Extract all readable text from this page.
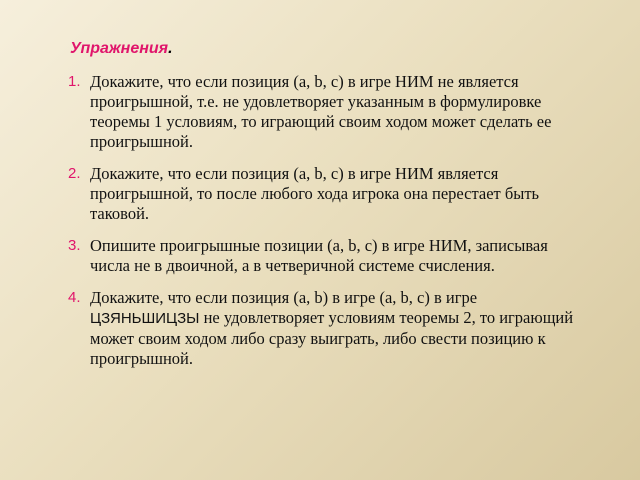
Упражнения.
1. Докажите, что если позиция (a, b, c) в игре НИМ не является проигрышной, т.е. не удовлетворяет указанным в формулировке теоремы 1 условиям, то играющий своим ходом может сделать ее проигрышной.
2. Докажите, что если позиция (a, b, c) в игре НИМ является проигрышной, то после любого хода игрока она перестает быть таковой.
3. Опишите проигрышные позиции (a, b, c) в игре НИМ, записывая числа не в двоичной, а в четверичной системе счисления.
4. Докажите, что если позиция (a, b) в игре (a, b, c) в игре ЦЗЯНЬШИЦЗЫ не удовлетворяет условиям теоремы 2, то играющий может своим ходом либо сразу выиграть, либо свести позицию к проигрышной.
